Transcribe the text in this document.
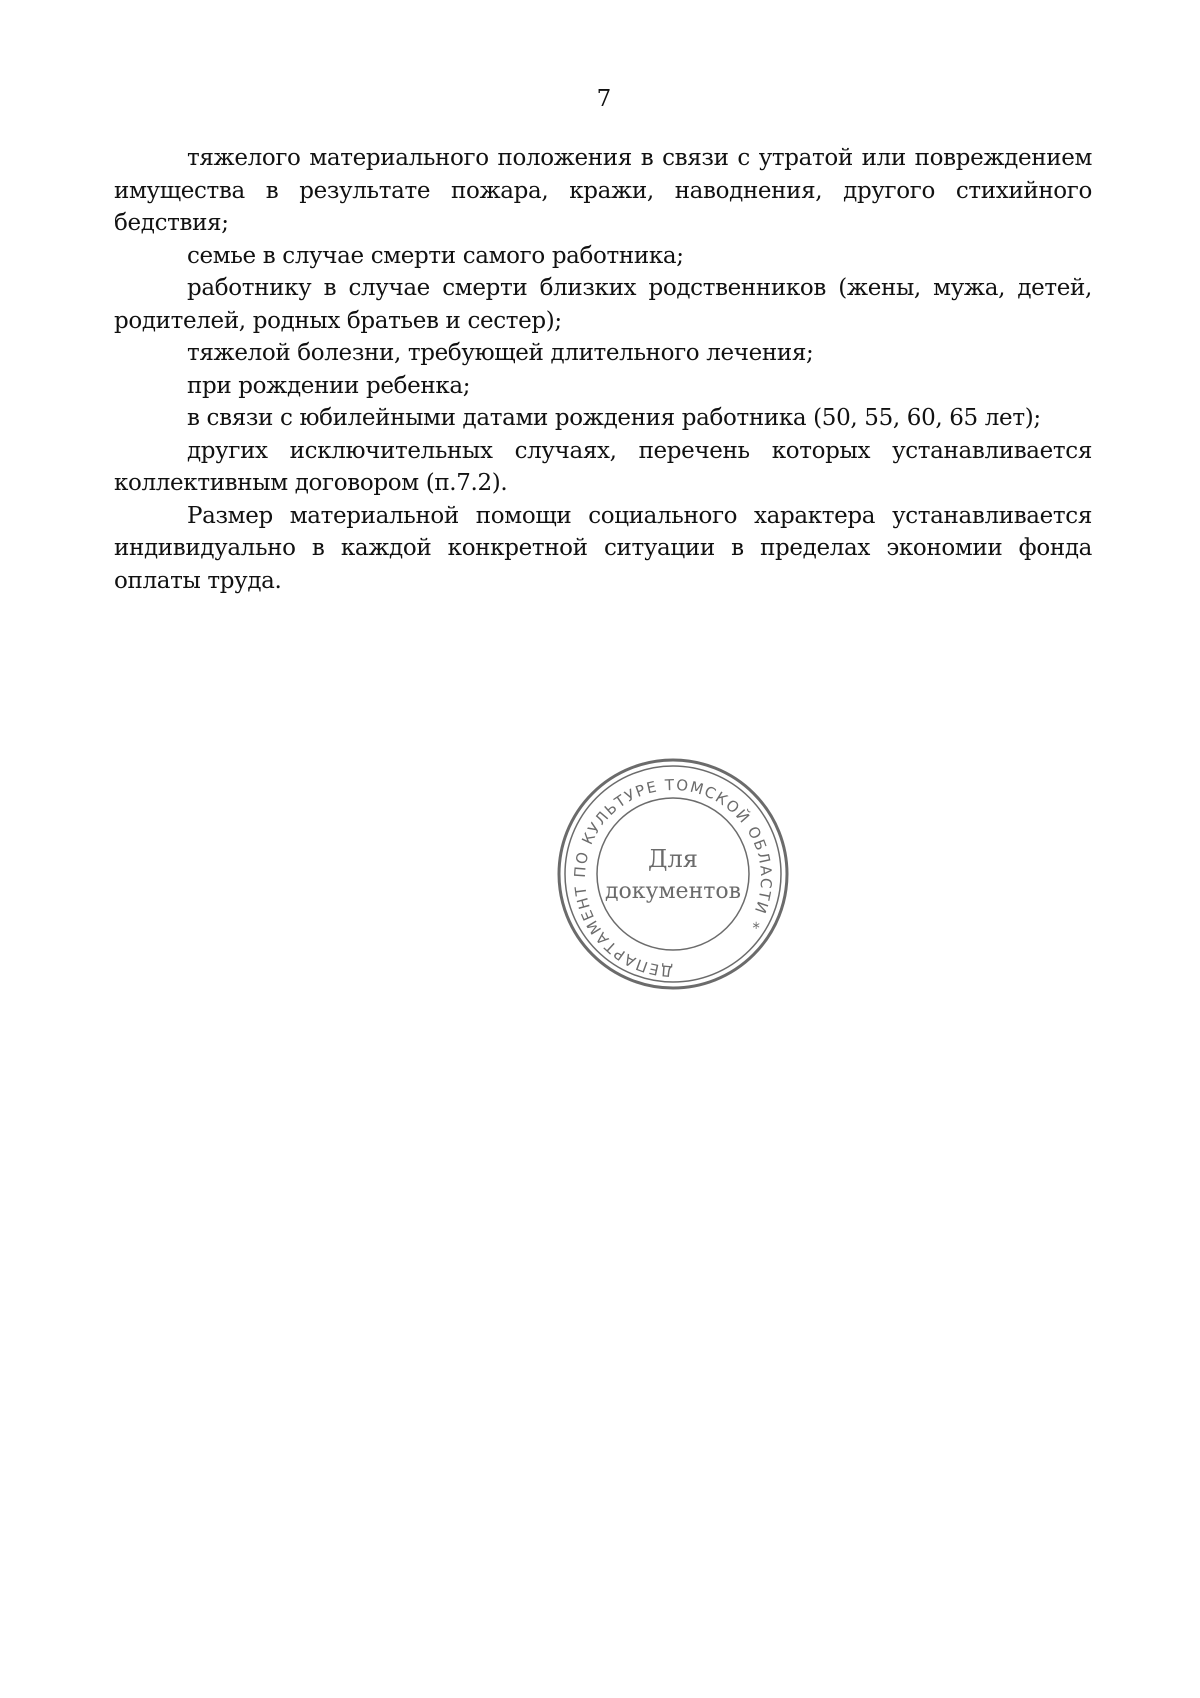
7

тяжелого материального положения в связи с утратой или повреждением имущества в результате пожара, кражи, наводнения, другого стихийного бедствия;

семье в случае смерти самого работника;

работнику в случае смерти близких родственников (жены, мужа, детей, родителей, родных братьев и сестер);

тяжелой болезни, требующей длительного лечения;

при рождении ребенка;

в связи с юбилейными датами рождения работника (50, 55, 60, 65 лет);

других исключительных случаях, перечень которых устанавливается коллективным договором (п.7.2).

Размер материальной помощи социального характера устанавливается индивидуально в каждой конкретной ситуации в пределах экономии фонда оплаты труда.

ДЕПАРТАМЕНТ ПО КУЛЬТУРЕ ТОМСКОЙ ОБЛАСТИ *
Для
документов
